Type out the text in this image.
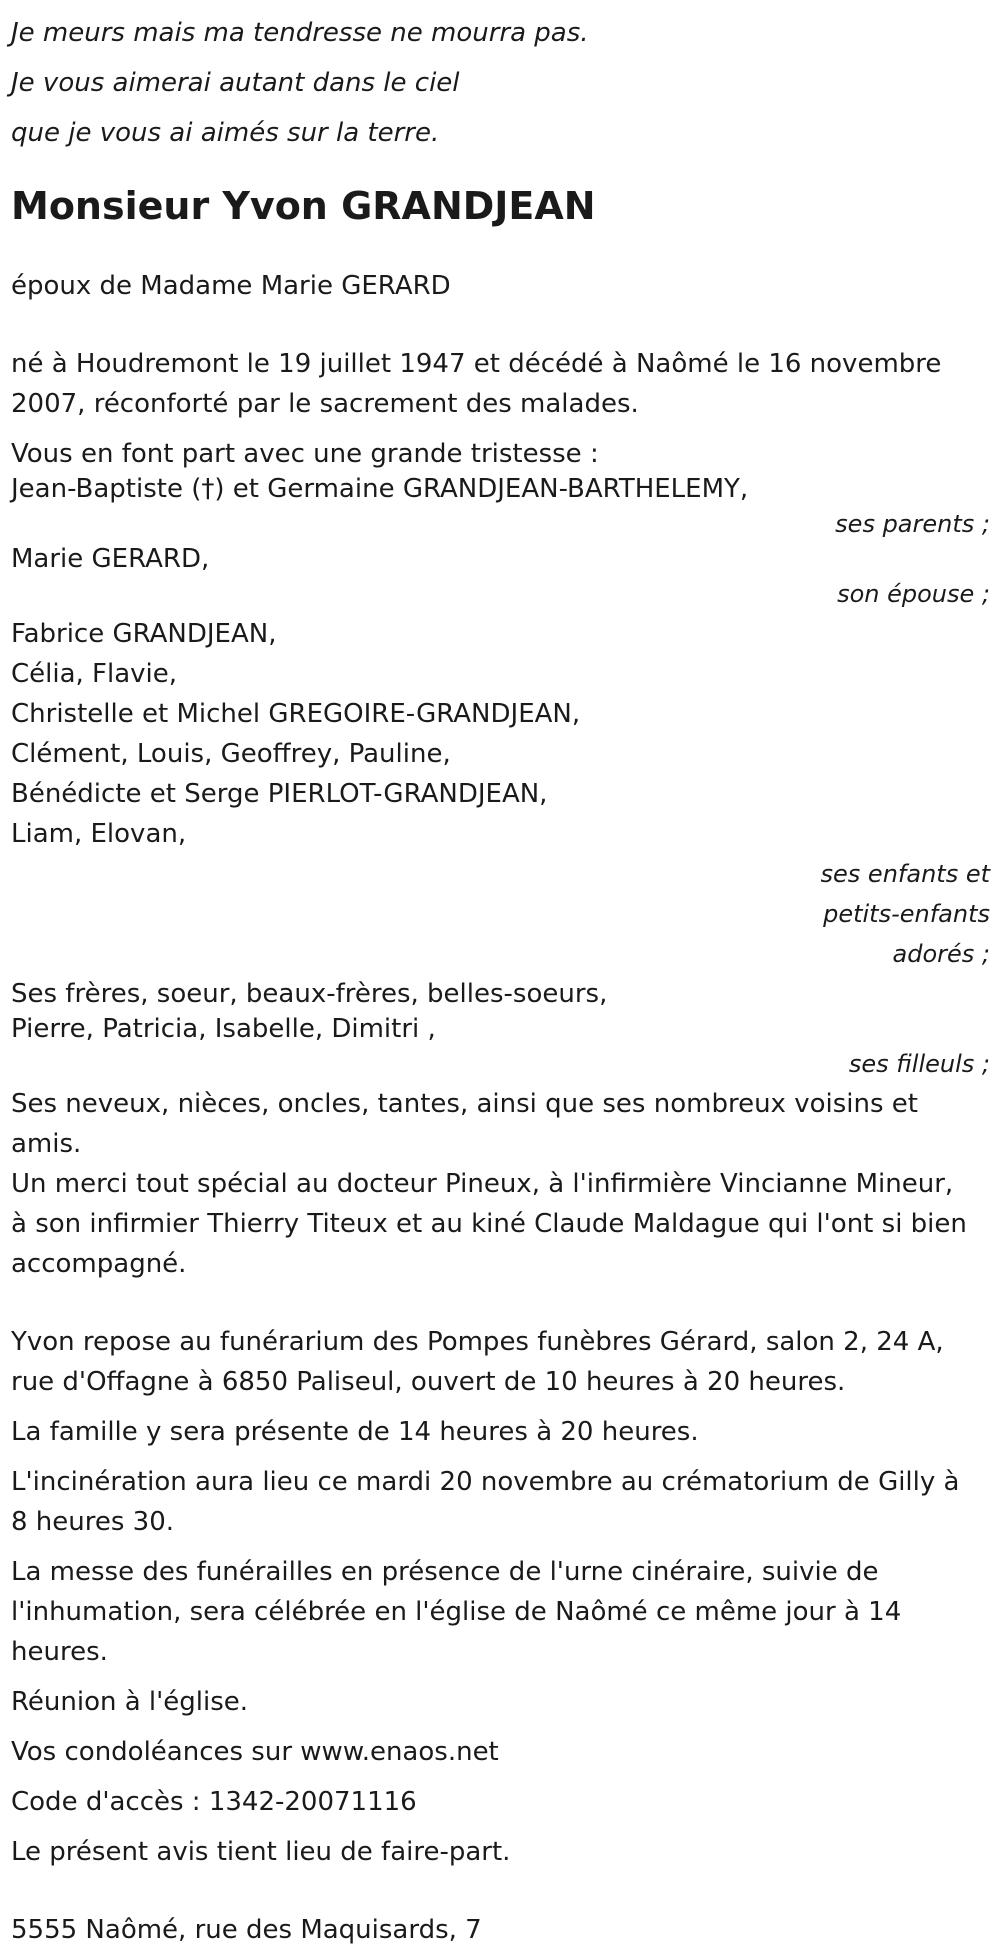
Je meurs mais ma tendresse ne mourra pas.

Je vous aimerai autant dans le ciel

que je vous ai aimés sur la terre.

Monsieur Yvon GRANDJEAN

époux de Madame Marie GERARD

né à Houdremont le 19 juillet 1947 et décédé à Naômé le 16 novembre

2007, réconforté par le sacrement des malades.

Vous en font part avec une grande tristesse :

Jean-Baptiste (†) et Germaine GRANDJEAN-BARTHELEMY,

ses parents ;

Marie GERARD,

son épouse ;

Fabrice GRANDJEAN,

Célia, Flavie,

Christelle et Michel GREGOIRE-GRANDJEAN,

Clément, Louis, Geoffrey, Pauline,

Bénédicte et Serge PIERLOT-GRANDJEAN,

Liam, Elovan,

ses enfants et

petits-enfants

adorés ;

Ses frères, soeur, beaux-frères, belles-soeurs,

Pierre, Patricia, Isabelle, Dimitri ,

ses filleuls ;

Ses neveux, nièces, oncles, tantes, ainsi que ses nombreux voisins et

amis.

Un merci tout spécial au docteur Pineux, à l'infirmière Vincianne Mineur,

à son infirmier Thierry Titeux et au kiné Claude Maldague qui l'ont si bien

accompagné.

Yvon repose au funérarium des Pompes funèbres Gérard, salon 2, 24 A,

rue d'Offagne à 6850 Paliseul, ouvert de 10 heures à 20 heures.

La famille y sera présente de 14 heures à 20 heures.

L'incinération aura lieu ce mardi 20 novembre au crématorium de Gilly à

8 heures 30.

La messe des funérailles en présence de l'urne cinéraire, suivie de

l'inhumation, sera célébrée en l'église de Naômé ce même jour à 14

heures.

Réunion à l'église.

Vos condoléances sur www.enaos.net

Code d'accès : 1342-20071116

Le présent avis tient lieu de faire-part.

5555 Naômé, rue des Maquisards, 7
